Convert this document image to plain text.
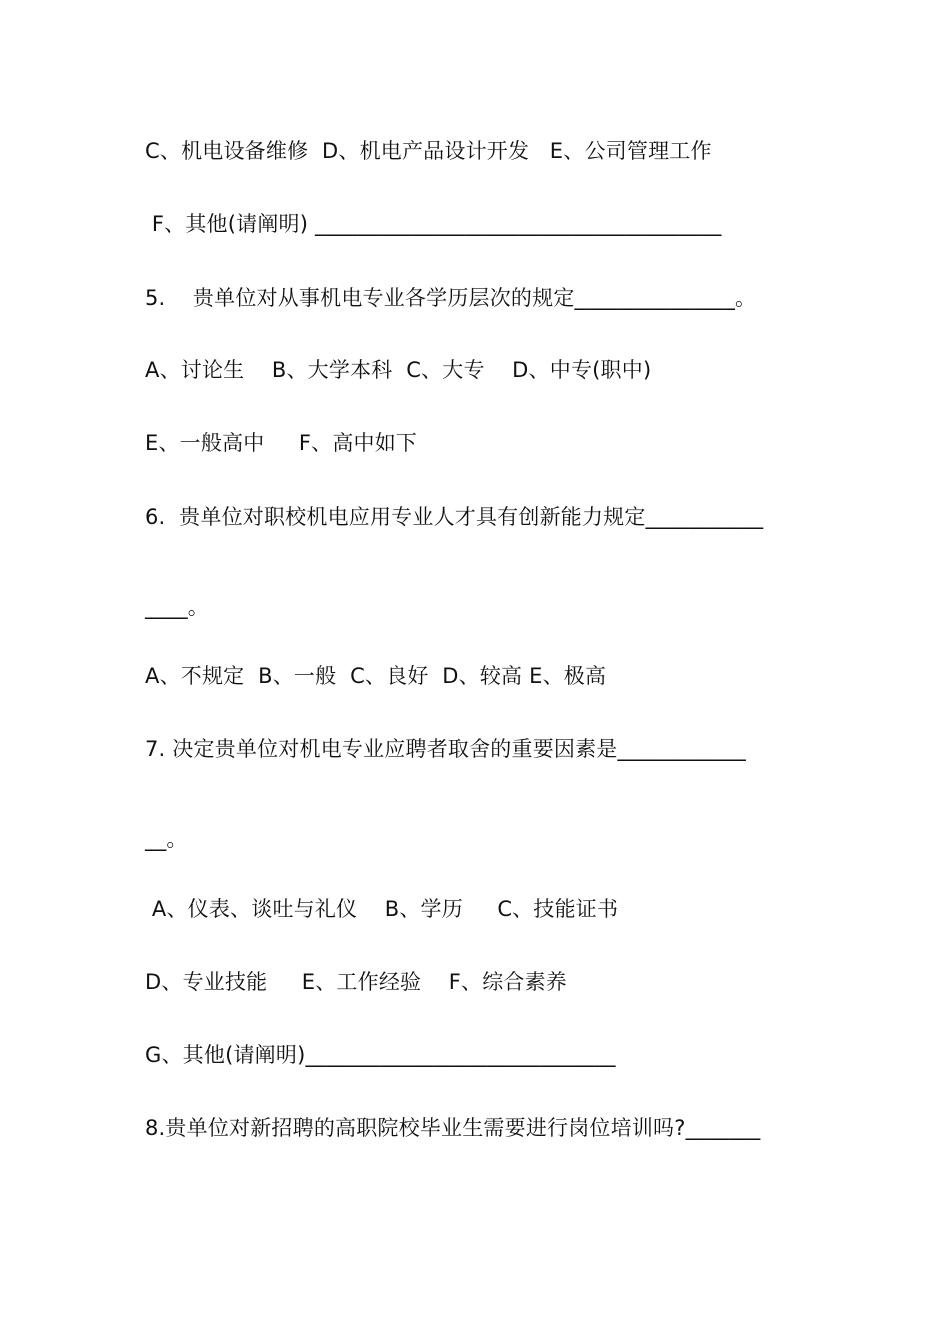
C、机电设备维修  D、机电产品设计开发   E、公司管理工作
F、其他(请阐明) ______________________________________
5.    贵单位对从事机电专业各学历层次的规定_______________。
A、讨论生    B、大学本科  C、大专    D、中专(职中)
E、一般高中     F、高中如下
6.  贵单位对职校机电应用专业人才具有创新能力规定___________
____。
A、不规定  B、一般  C、良好  D、较高 E、极高
7. 决定贵单位对机电专业应聘者取舍的重要因素是____________
__。
A、仪表、谈吐与礼仪    B、学历     C、技能证书
D、专业技能     E、工作经验    F、综合素养
G、其他(请阐明)_____________________________
8.贵单位对新招聘的高职院校毕业生需要进行岗位培训吗?_______
